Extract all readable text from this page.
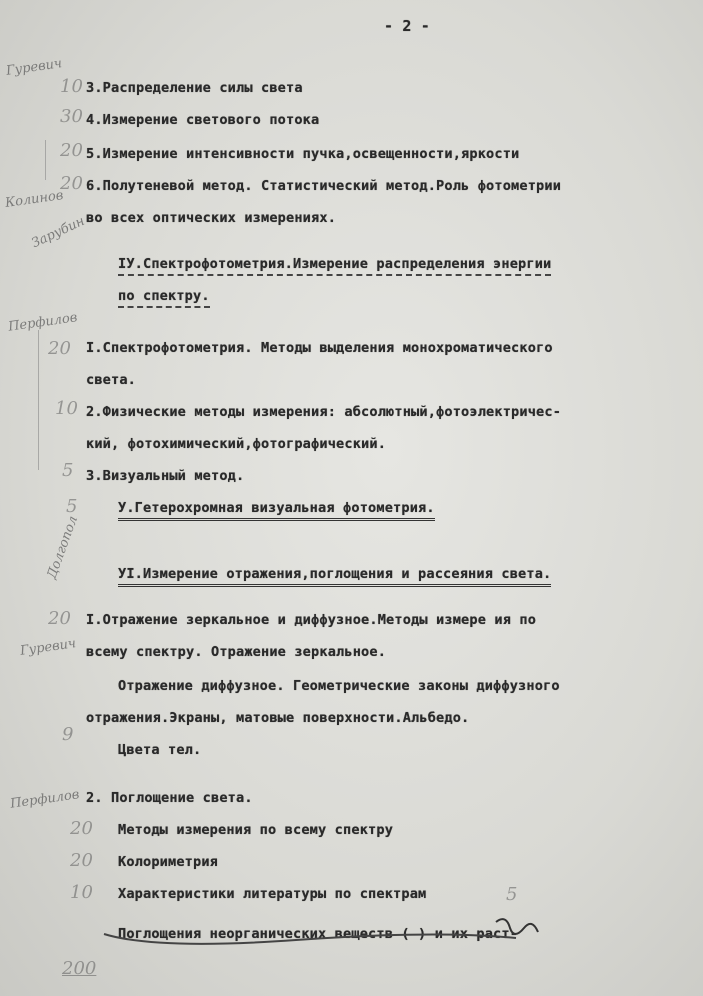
- 2 -
Гуревич
10
30
20
20
Колинов
Зарубин
Перфилов
20
10
5
5
Долгопол
20
Гуревич
9
Перфилов
20
20
10
200
5
3.Распределение силы света
4.Измерение светового потока
5.Измерение интенсивности пучка,освещенности,яркости
6.Полутеневой метод. Статистический метод.Роль фотометрии
во всех оптических измерениях.
IУ.Спектрофотометрия.Измерение распределения энергии
по спектру.
I.Спектрофотометрия. Методы выделения монохроматического
света.
2.Физические методы измерения: абсолютный,фотоэлектричес-
кий, фотохимический,фотографический.
3.Визуальный метод.
У.Гетерохромная визуальная фотометрия.
УI.Измерение отражения,поглощения и рассеяния света.
I.Отражение зеркальное и диффузное.Методы измере ия по
всему спектру. Отражение зеркальное.
Отражение диффузное. Геометрические законы диффузного
отражения.Экраны, матовые поверхности.Альбедо.
Цвета тел.
2. Поглощение света.
Методы измерения по всему спектру
Колориметрия
Характеристики литературы по спектрам
Поглощения неорганических веществ ( ) и их раст-
